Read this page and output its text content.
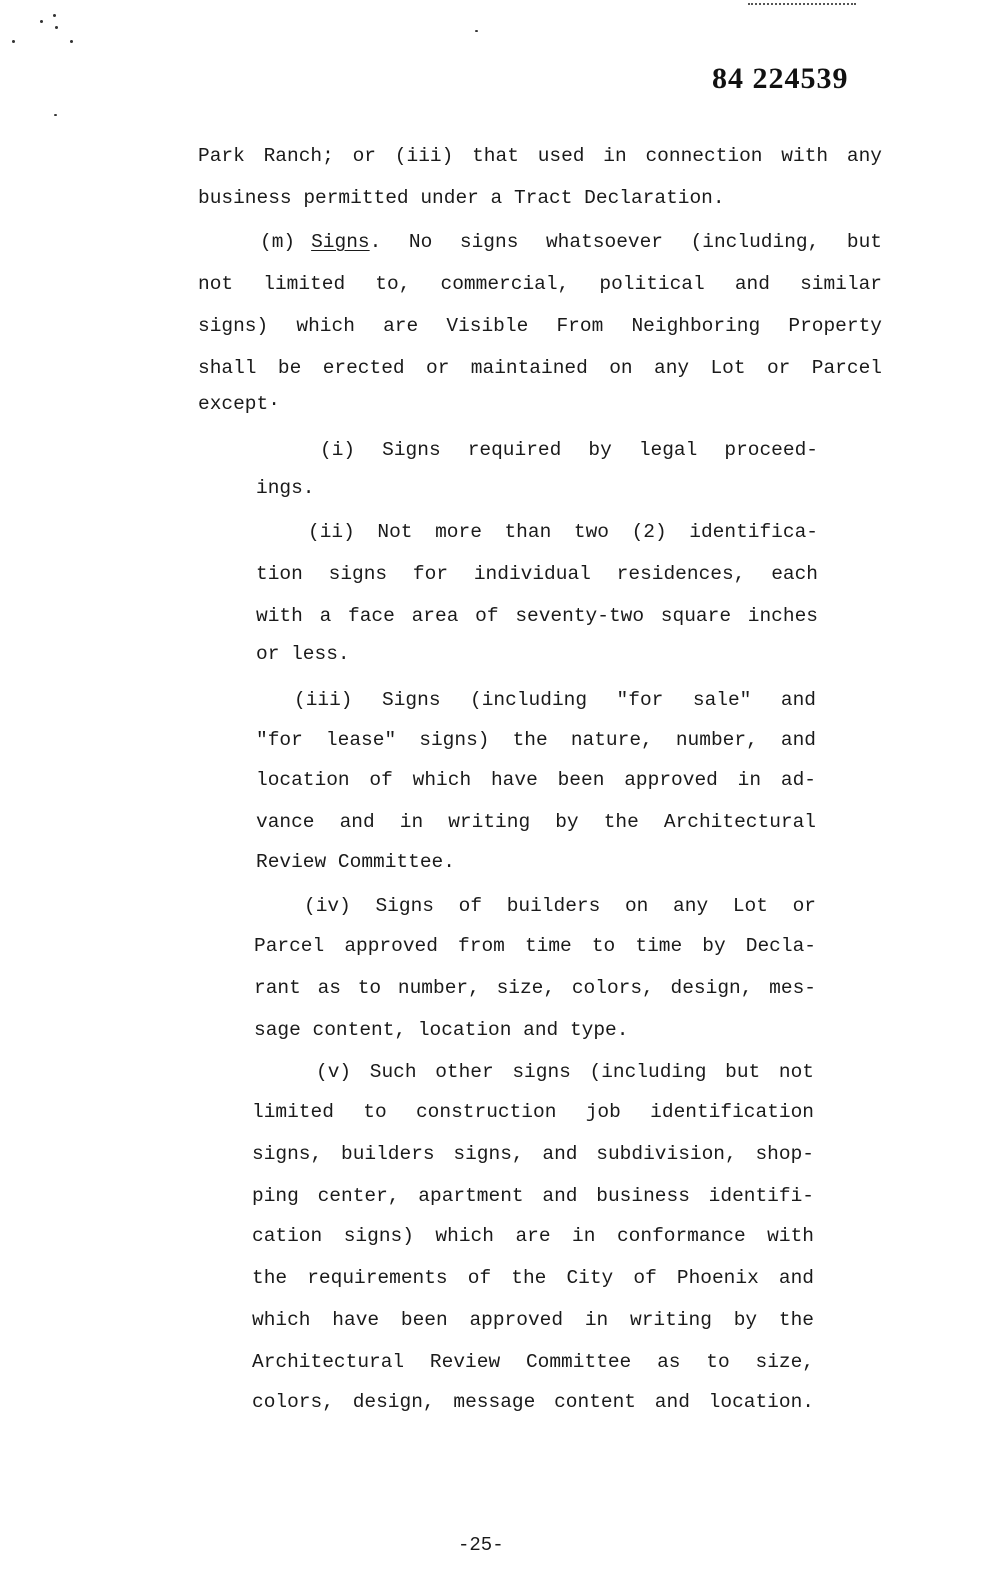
84 224539

Park Ranch; or (iii) that used in connection with any

business permitted under a Tract Declaration.

(m) Signs . No signs whatsoever (including, but

not limited to, commercial, political and similar

signs) which are Visible From Neighboring Property

shall be erected or maintained on any Lot or Parcel

except·

(i) Signs required by legal proceed-

ings.

(ii) Not more than two (2) identifica-

tion signs for individual residences, each

with a face area of seventy-two square inches

or less.

(iii) Signs (including "for sale" and

"for lease" signs) the nature, number, and

location of which have been approved in ad-

vance and in writing by the Architectural

Review Committee.

(iv) Signs of builders on any Lot or

Parcel approved from time to time by Decla-

rant as to number, size, colors, design, mes-

sage content, location and type.

(v) Such other signs (including but not

limited to construction job identification

signs, builders signs, and subdivision, shop-

ping center, apartment and business identifi-

cation signs) which are in conformance with

the requirements of the City of Phoenix and

which have been approved in writing by the

Architectural Review Committee as to size,

colors, design, message content and location.

-25-
